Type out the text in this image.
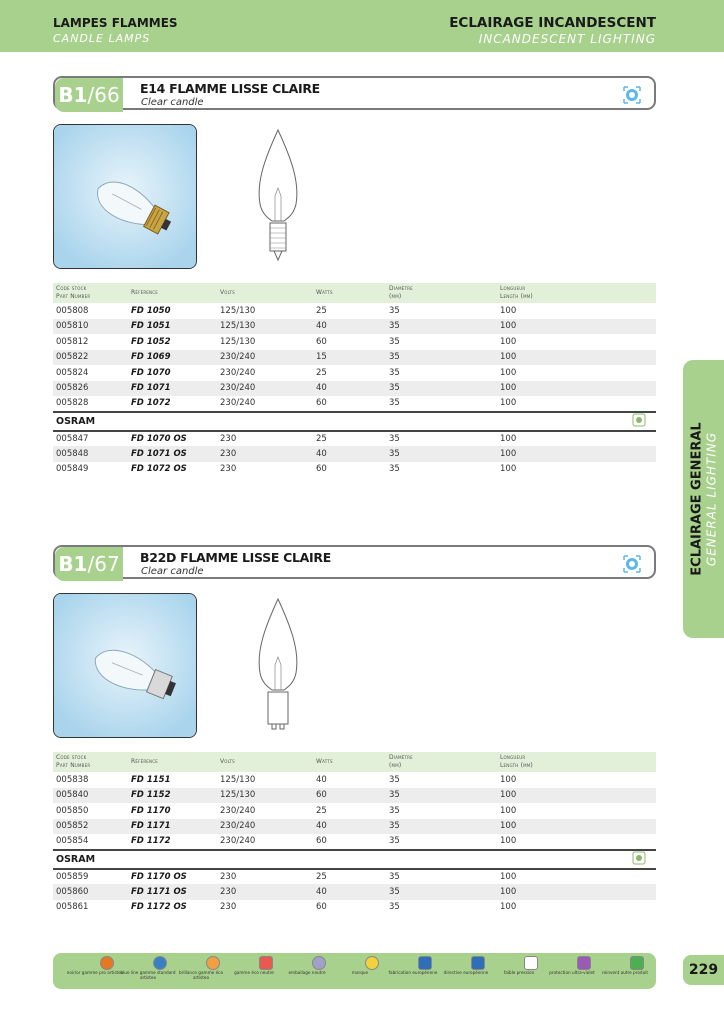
LAMPES FLAMMES
CANDLE LAMPS
ECLAIRAGE INCANDESCENT
INCANDESCENT LIGHTING
ECLAIRAGE GENERAL GENERAL LIGHTING
B1/66 E14 FLAMME LISSE CLAIRE
Clear candle
Code stock
Part Number	Référence	Volts	Watts	Diamètre
(mm)	Longueur
Length (mm)
005808	FD 1050	125/130	25	35	100
005810	FD 1051	125/130	40	35	100
005812	FD 1052	125/130	60	35	100
005822	FD 1069	230/240	15	35	100
005824	FD 1070	230/240	25	35	100
005826	FD 1071	230/240	40	35	100
005828	FD 1072	230/240	60	35	100
OSRAM	
005847	FD 1070 OS	230	25	35	100
005848	FD 1071 OS	230	40	35	100
005849	FD 1072 OS	230	60	35	100
B1/67 B22D FLAMME LISSE CLAIRE
Clear candle
Code stock
Part Number	Référence	Volts	Watts	Diamètre
(mm)	Longueur
Length (mm)
005838	FD 1151	125/130	40	35	100
005840	FD 1152	125/130	60	35	100
005850	FD 1170	230/240	25	35	100
005852	FD 1171	230/240	40	35	100
005854	FD 1172	230/240	60	35	100
OSRAM	
005859	FD 1170 OS	230	25	35	100
005860	FD 1171 OS	230	40	35	100
005861	FD 1172 OS	230	60	35	100
noir/or gamme pro artisteo
blue line gamme standard artisteo
brillance gamme éco artisteo
gamme éco neutre	emballage neutre	marque	fabrication européenne	directive européenne	faible pression	protection ultra-violet	reinvent autre produit	229
